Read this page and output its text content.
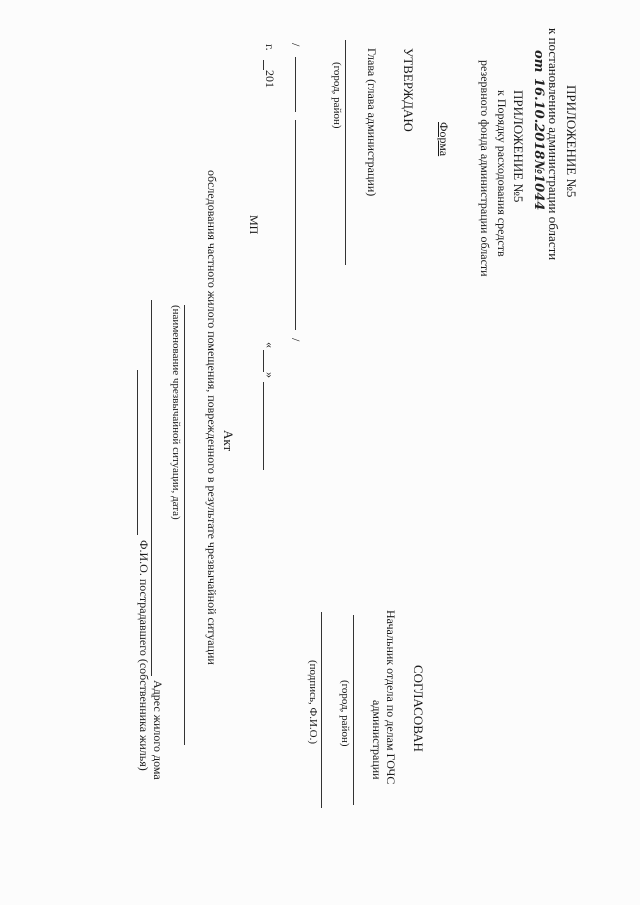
ПРИЛОЖЕНИЕ №5
к постановлению администрации области
от
16.10.2018
№1044
ПРИЛОЖЕНИЕ №5
к Порядку расходования средств
резервного фонда администрации области
Форма
УТВЕРЖДАЮ
Глава (глава администрации)
(город, район)
/
/
«
»
201
г.
МП
Акт
обследования частного жилого помещения, поврежденного в результате чрезвычайной ситуации
(наименование чрезвычайной ситуации, дата)
Адрес жилого дома
Ф.И.О. пострадавшего (собственника жилья)	СОГЛАСОВАН
Начальник отдела по делам ГОЧС
администрации
(город, район)
(подпись, Ф.И.О.)
